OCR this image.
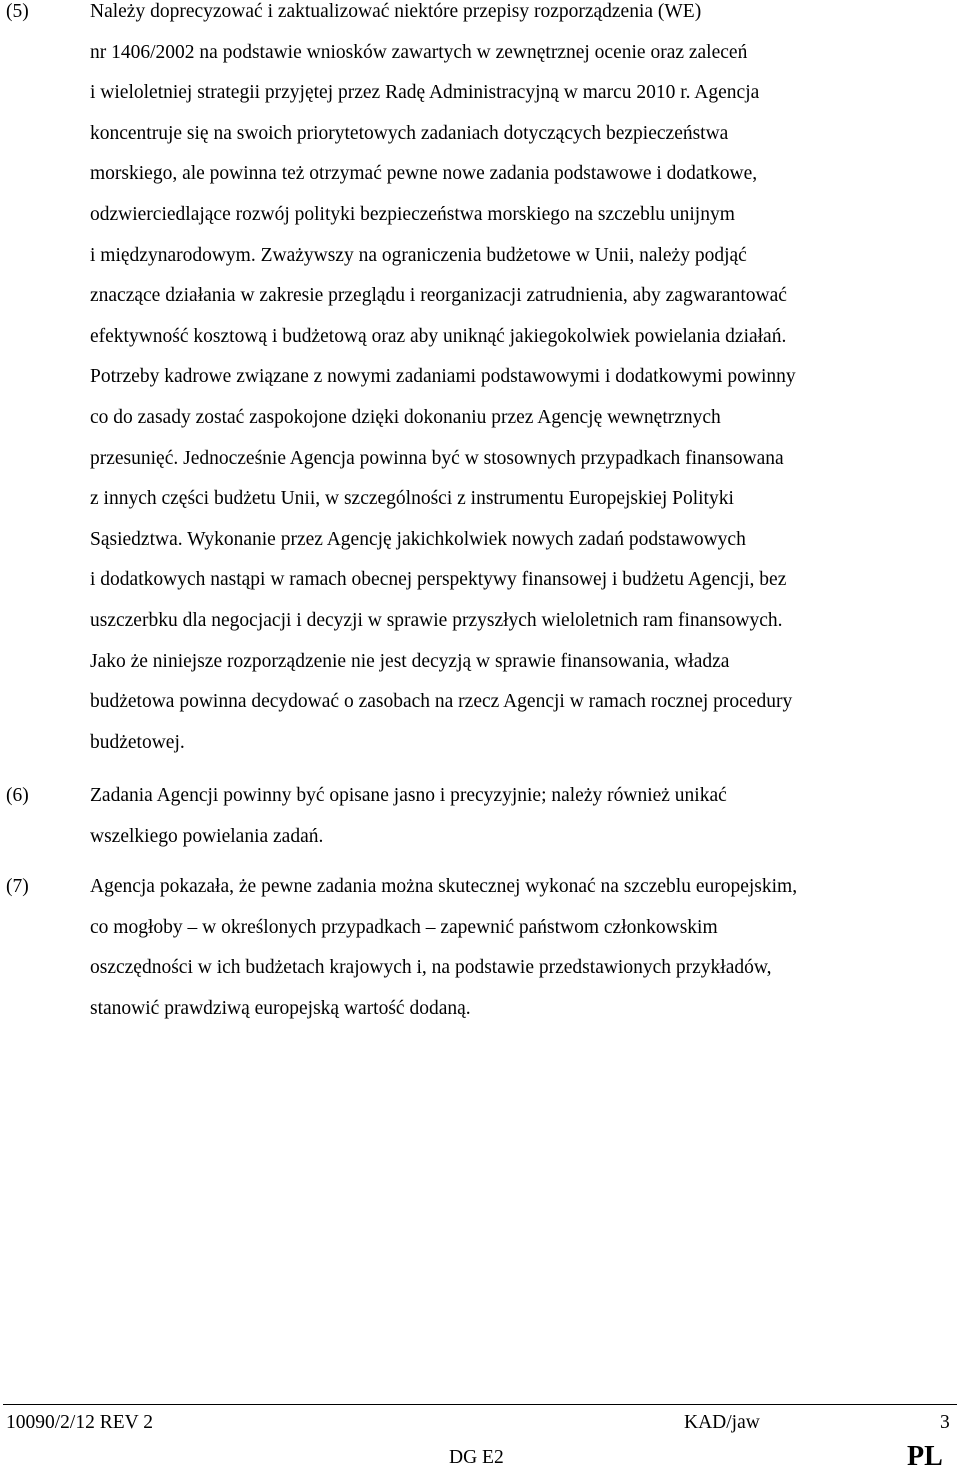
(5)	Należy doprecyzować i zaktualizować niektóre przepisy rozporządzenia (WE)
nr 1406/2002 na podstawie wniosków zawartych w zewnętrznej ocenie oraz zaleceń
i wieloletniej strategii przyjętej przez Radę Administracyjną w marcu 2010 r. Agencja
koncentruje się na swoich priorytetowych zadaniach dotyczących bezpieczeństwa
morskiego, ale powinna też otrzymać pewne nowe zadania podstawowe i dodatkowe,
odzwierciedlające rozwój polityki bezpieczeństwa morskiego na szczeblu unijnym
i międzynarodowym. Zważywszy na ograniczenia budżetowe w Unii, należy podjąć
znaczące działania w zakresie przeglądu i reorganizacji zatrudnienia, aby zagwarantować
efektywność kosztową i budżetową oraz aby uniknąć jakiegokolwiek powielania działań.
Potrzeby kadrowe związane z nowymi zadaniami podstawowymi i dodatkowymi powinny
co do zasady zostać zaspokojone dzięki dokonaniu przez Agencję wewnętrznych
przesunięć. Jednocześnie Agencja powinna być w stosownych przypadkach finansowana
z innych części budżetu Unii, w szczególności z instrumentu Europejskiej Polityki
Sąsiedztwa. Wykonanie przez Agencję jakichkolwiek nowych zadań podstawowych
i dodatkowych nastąpi w ramach obecnej perspektywy finansowej i budżetu Agencji, bez
uszczerbku dla negocjacji i decyzji w sprawie przyszłych wieloletnich ram finansowych.
Jako że niniejsze rozporządzenie nie jest decyzją w sprawie finansowania, władza
budżetowa powinna decydować o zasobach na rzecz Agencji w ramach rocznej procedury
budżetowej.
(6)	Zadania Agencji powinny być opisane jasno i precyzyjnie; należy również unikać
wszelkiego powielania zadań.
(7)	Agencja pokazała, że pewne zadania można skutecznej wykonać na szczeblu europejskim,
co mogłoby – w określonych przypadkach – zapewnić państwom członkowskim
oszczędności w ich budżetach krajowych i, na podstawie przedstawionych przykładów,
stanowić prawdziwą europejską wartość dodaną.
10090/2/12 REV 2	KAD/jaw	3
DG E2	PL
